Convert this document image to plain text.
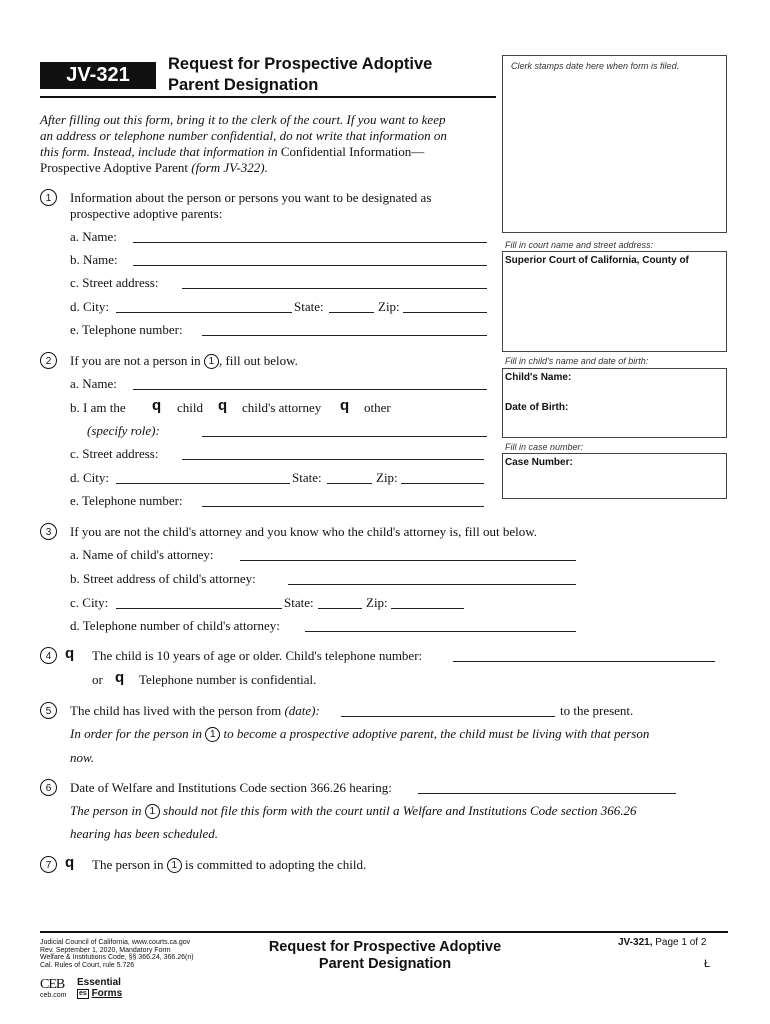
JV-321	Request for Prospective Adoptive
Parent Designation
Clerk stamps date here when form is filed.
Fill in court name and street address:
Superior Court of California, County of
Fill in child's name and date of birth:
Child's Name:
Date of Birth:
Fill in case number:
Case Number:
After filling out this form, bring it to the clerk of the court. If you want to keep
an address or telephone number confidential, do not write that information on
this form. Instead, include that information in Confidential Information—
Prospective Adoptive Parent (form JV-322).
1	Information about the person or persons you want to be designated as
prospective adoptive parents:
a. Name:
b. Name:
c. Street address:
d. City:	State:	Zip:
e. Telephone number:
2	If you are not a person in 1 , fill out below.
a. Name:
b. I am the q child q child's attorney q other
(specify role):
c. Street address:
d. City:	State:	Zip:
e. Telephone number:
3	If you are not the child's attorney and you know who the child's attorney is, fill out below.
a. Name of child's attorney:
b. Street address of child's attorney:
c. City:	State:	Zip:
d. Telephone number of child's attorney:
4 q The child is 10 years of age or older. Child's telephone number:
or q Telephone number is confidential.
5	The child has lived with the person from (date):	to the present.
In order for the person in 1 to become a prospective adoptive parent, the child must be living with that person
now.
6	Date of Welfare and Institutions Code section 366.26 hearing:
The person in 1 should not file this form with the court until a Welfare and Institutions Code section 366.26
hearing has been scheduled.
7 q The person in 1 is committed to adopting the child.
Judicial Council of California, www.courts.ca.gov
Rev. September 1, 2020, Mandatory Form
Welfare & Institutions Code, §§ 366.24, 366.26(n)
Cal. Rules of Court, rule 5.726
Request for Prospective Adoptive
Parent Designation
JV-321, Page 1 of 2
Ł
CEB
ceb.com
Essential
es Forms
